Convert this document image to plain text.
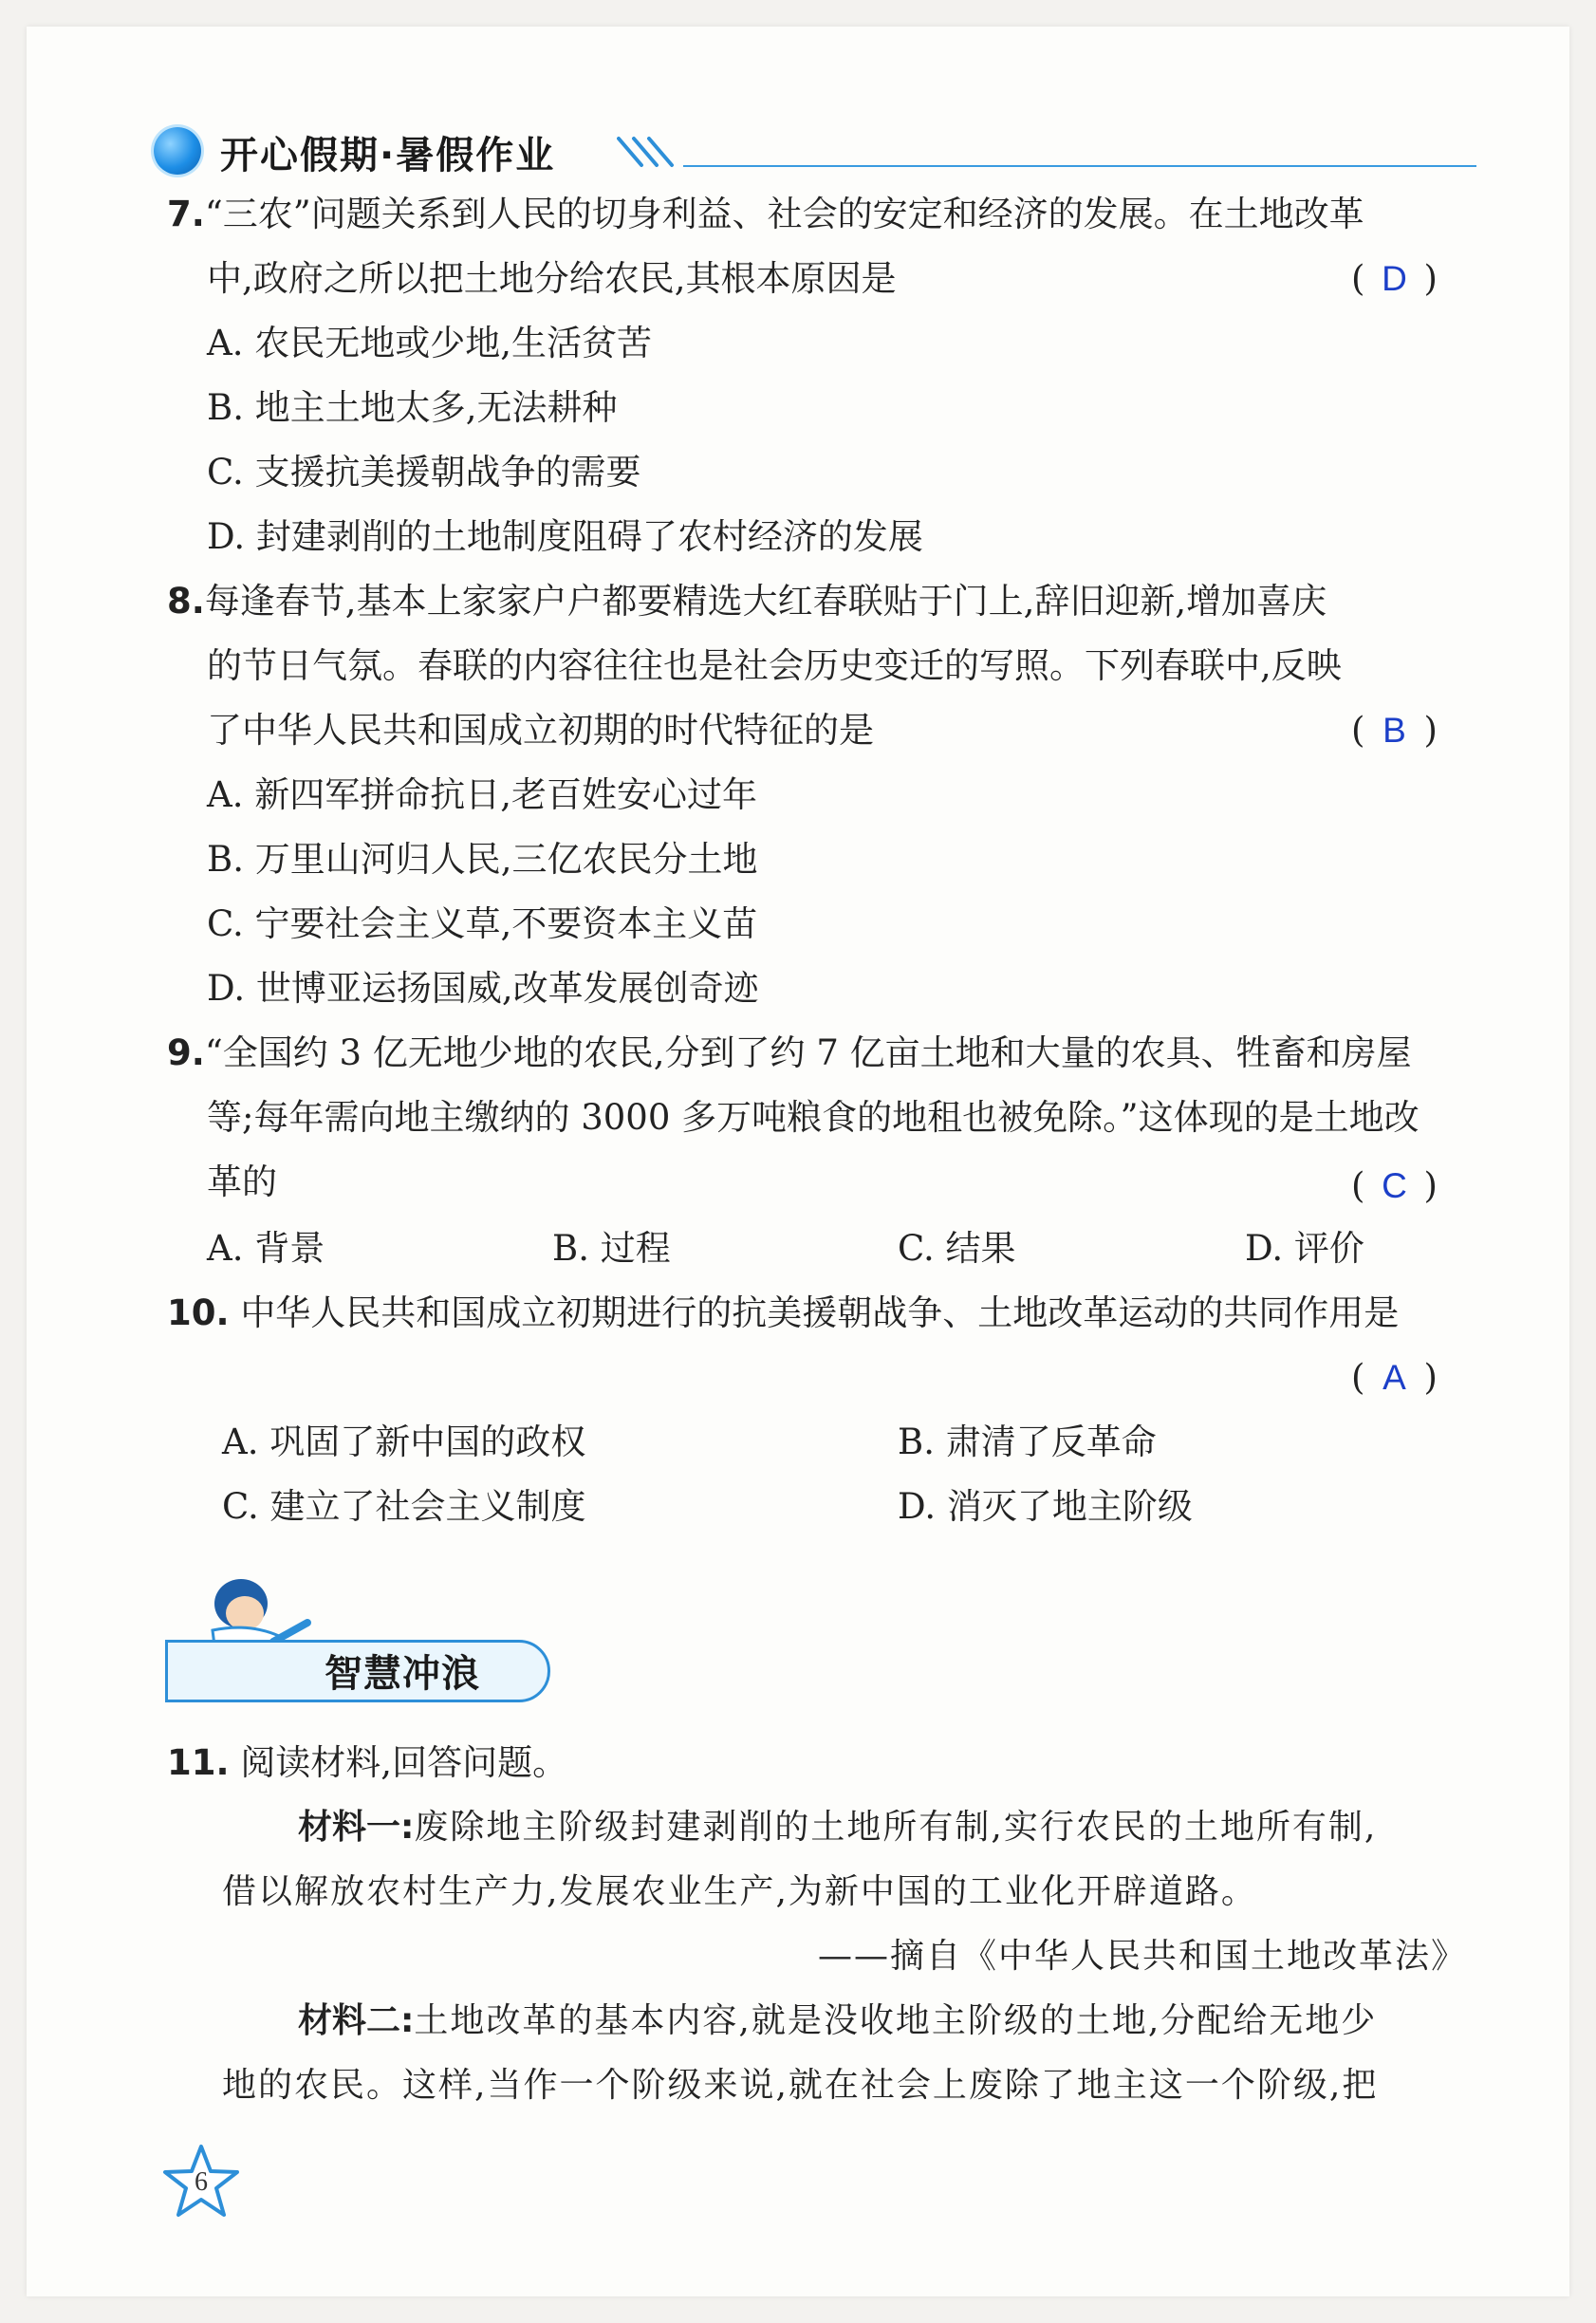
开心假期·暑假作业
7.“三农”问题关系到人民的切身利益、社会的安定和经济的发展。在土地改革
中,政府之所以把土地分给农民,其根本原因是	( D )
A. 农民无地或少地,生活贫苦
B. 地主土地太多,无法耕种
C. 支援抗美援朝战争的需要
D. 封建剥削的土地制度阻碍了农村经济的发展
8.每逢春节,基本上家家户户都要精选大红春联贴于门上,辞旧迎新,增加喜庆
的节日气氛。春联的内容往往也是社会历史变迁的写照。下列春联中,反映
了中华人民共和国成立初期的时代特征的是	( B )
A. 新四军拼命抗日,老百姓安心过年
B. 万里山河归人民,三亿农民分土地
C. 宁要社会主义草,不要资本主义苗
D. 世博亚运扬国威,改革发展创奇迹
9.“全国约 3 亿无地少地的农民,分到了约 7 亿亩土地和大量的农具、牲畜和房屋
等;每年需向地主缴纳的 3000 多万吨粮食的地租也被免除。”这体现的是土地改
革的	( C )
A. 背景	B. 过程	C. 结果	D. 评价
10. 中华人民共和国成立初期进行的抗美援朝战争、土地改革运动的共同作用是
( A )
A. 巩固了新中国的政权	B. 肃清了反革命
C. 建立了社会主义制度	D. 消灭了地主阶级
智慧冲浪
11. 阅读材料,回答问题。
材料一:废除地主阶级封建剥削的土地所有制,实行农民的土地所有制,
借以解放农村生产力,发展农业生产,为新中国的工业化开辟道路。
——摘自《中华人民共和国土地改革法》
材料二:土地改革的基本内容,就是没收地主阶级的土地,分配给无地少
地的农民。这样,当作一个阶级来说,就在社会上废除了地主这一个阶级,把
6
